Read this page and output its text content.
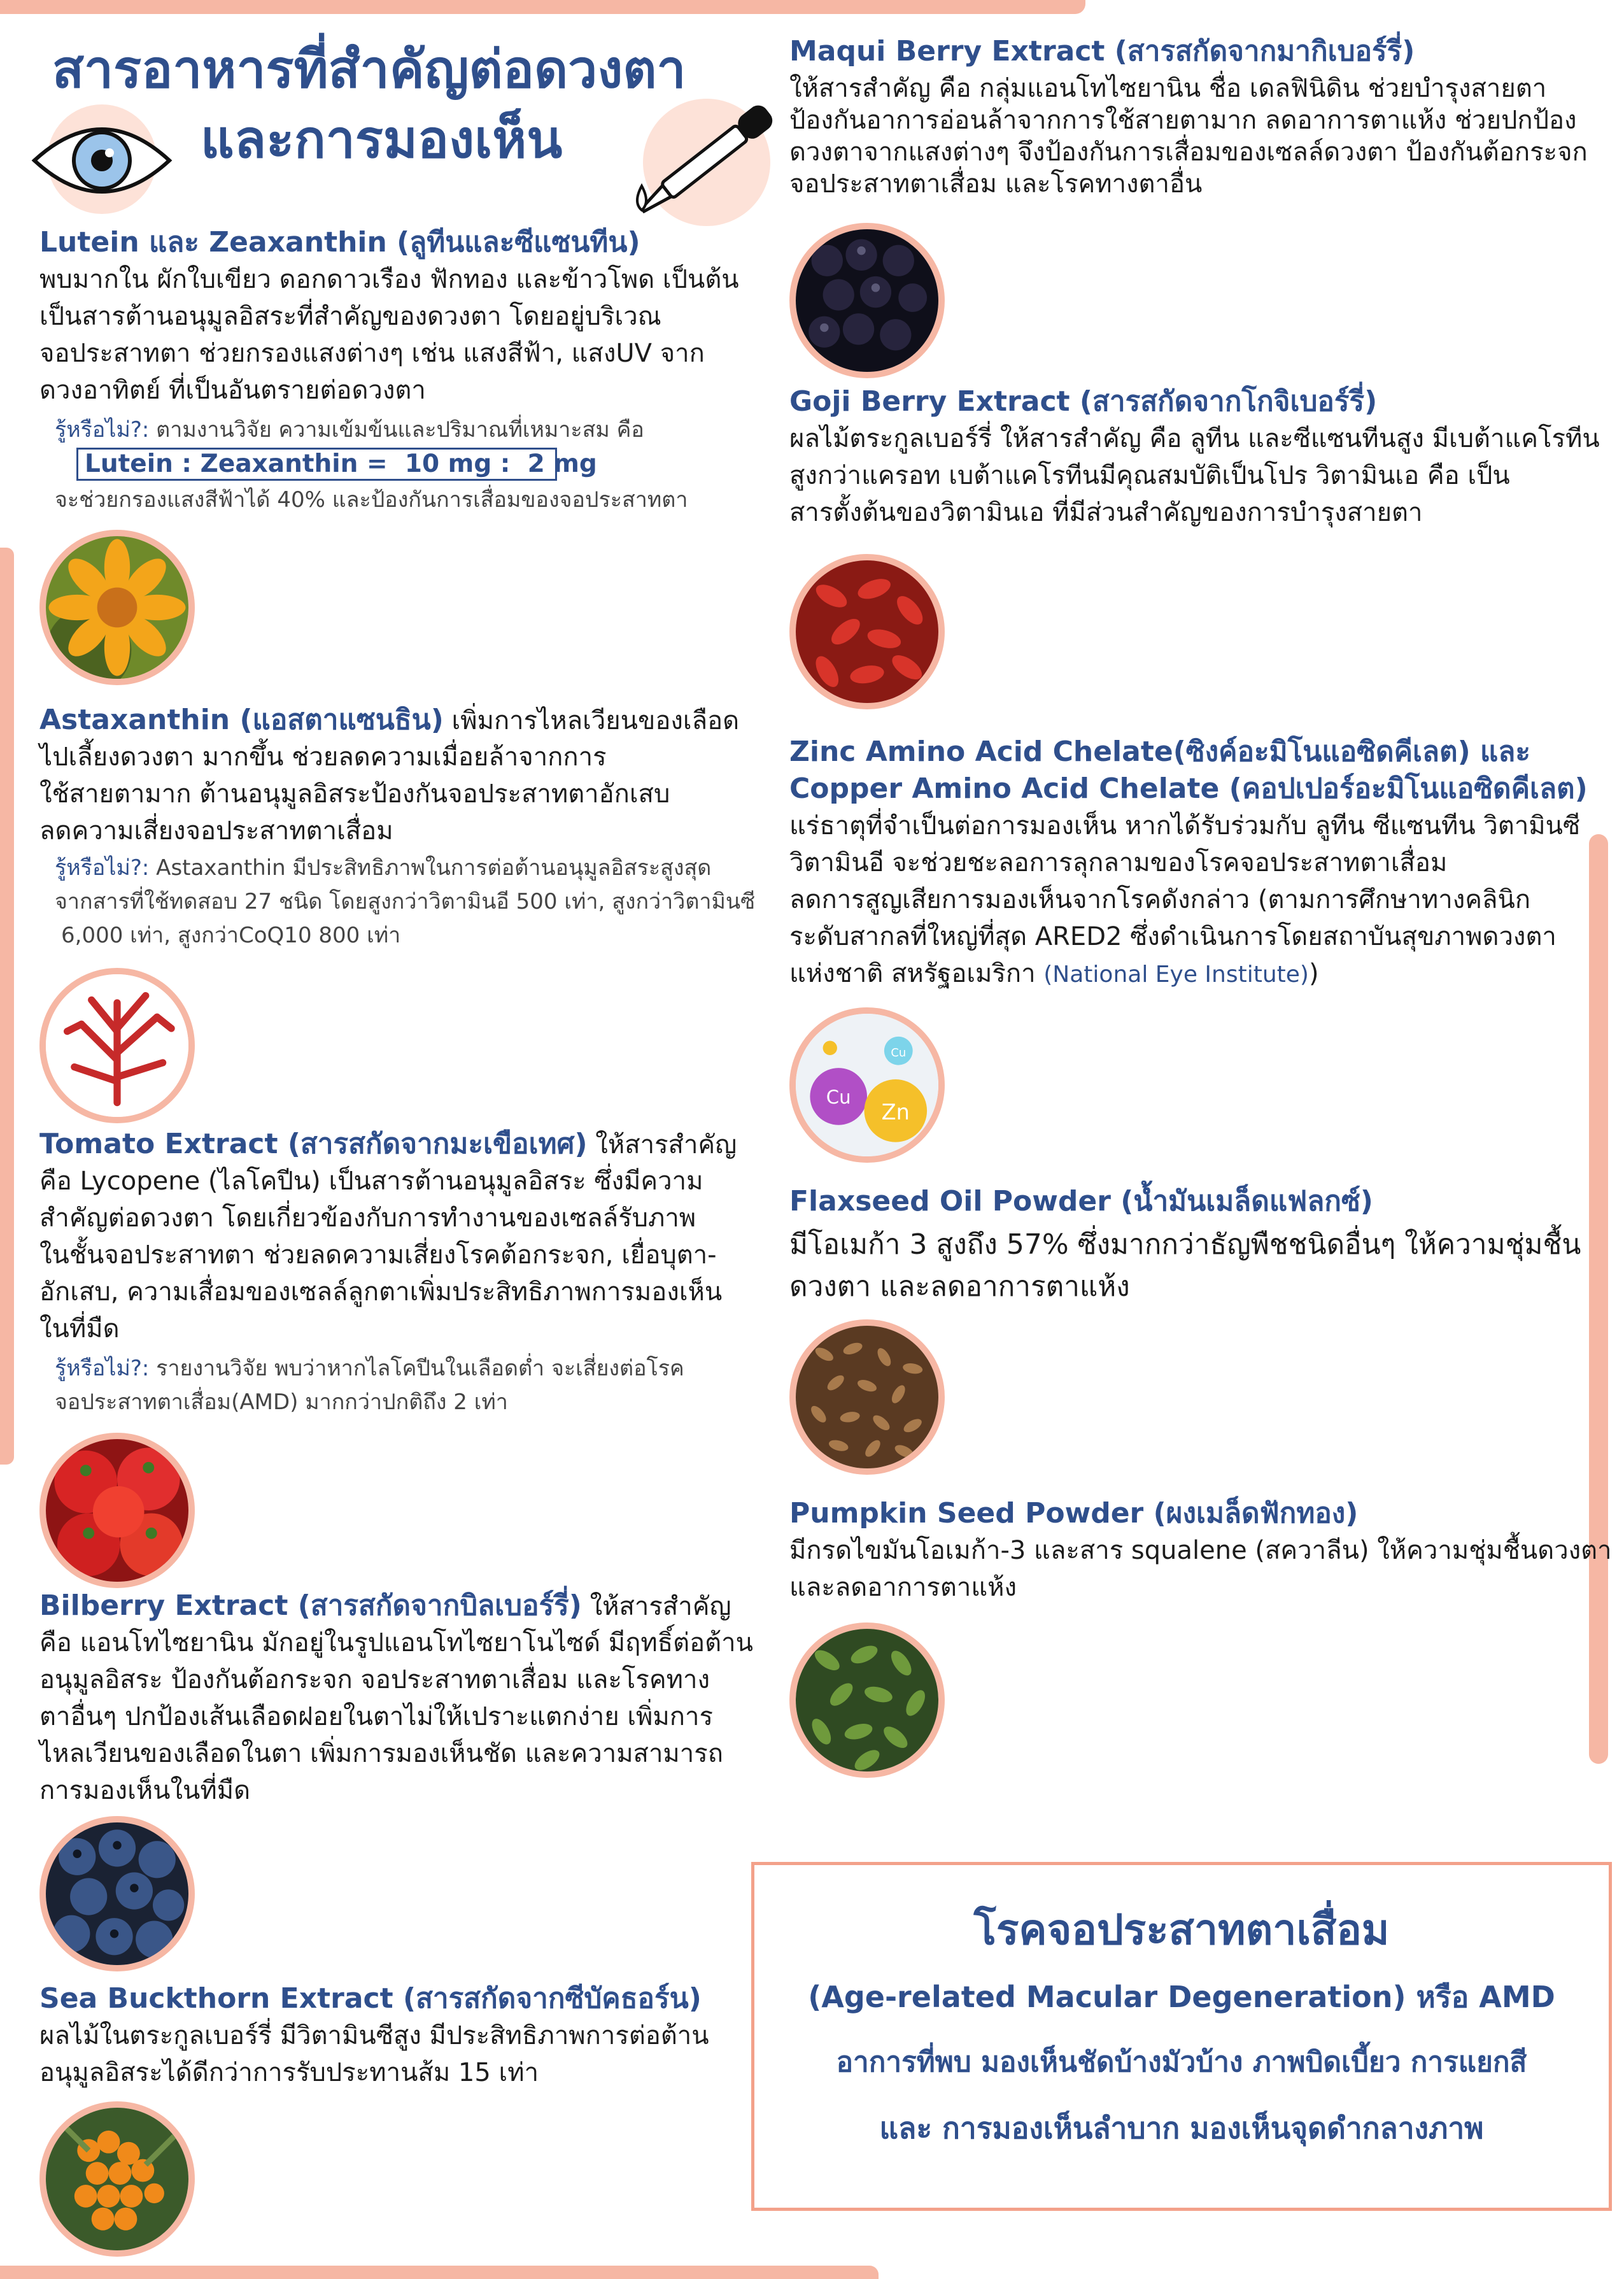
สารอาหารที่สำคัญต่อดวงตา
และการมองเห็น

Lutein และ Zeaxanthin (ลูทีนและซีแซนทีน)

พบมากใน ผักใบเขียว ดอกดาวเรือง ฟักทอง และข้าวโพด เป็นต้น

เป็นสารต้านอนุมูลอิสระที่สำคัญของดวงตา โดยอยู่บริเวณ

จอประสาทตา ช่วยกรองแสงต่างๆ เช่น แสงสีฟ้า, แสงUV จาก

ดวงอาทิตย์ ที่เป็นอันตรายต่อดวงตา

รู้หรือไม่?: ตามงานวิจัย ความเข้มข้นและปริมาณที่เหมาะสม คือ

Lutein : Zeaxanthin =  10 mg :  2 mg

จะช่วยกรองแสงสีฟ้าได้ 40% และป้องกันการเสื่อมของจอประสาทตา

Astaxanthin (แอสตาแซนธิน) เพิ่มการไหลเวียนของเลือด

ไปเลี้ยงดวงตา มากขึ้น ช่วยลดความเมื่อยล้าจากการ

ใช้สายตามาก ต้านอนุมูลอิสระป้องกันจอประสาทตาอักเสบ

ลดความเสี่ยงจอประสาทตาเสื่อม

รู้หรือไม่?: Astaxanthin มีประสิทธิภาพในการต่อต้านอนุมูลอิสระสูงสุด

จากสารที่ใช้ทดสอบ 27 ชนิด โดยสูงกว่าวิตามินอี 500 เท่า, สูงกว่าวิตามินซี

6,000 เท่า, สูงกว่าCoQ10 800 เท่า

Tomato Extract (สารสกัดจากมะเขือเทศ) ให้สารสำคัญ

คือ Lycopene (ไลโคปีน) เป็นสารต้านอนุมูลอิสระ ซึ่งมีความ

สำคัญต่อดวงตา โดยเกี่ยวข้องกับการทำงานของเซลล์รับภาพ

ในชั้นจอประสาทตา ช่วยลดความเสี่ยงโรคต้อกระจก, เยื่อบุตา-

อักเสบ, ความเสื่อมของเซลล์ลูกตาเพิ่มประสิทธิภาพการมองเห็น

ในที่มืด

รู้หรือไม่?: รายงานวิจัย พบว่าหากไลโคปีนในเลือดต่ำ จะเสี่ยงต่อโรค

จอประสาทตาเสื่อม(AMD) มากกว่าปกติถึง 2 เท่า

Bilberry Extract (สารสกัดจากบิลเบอร์รี่) ให้สารสำคัญ

คือ แอนโทไซยานิน มักอยู่ในรูปแอนโทไซยาโนไซด์ มีฤทธิ์ต่อต้าน

อนุมูลอิสระ ป้องกันต้อกระจก จอประสาทตาเสื่อม และโรคทาง

ตาอื่นๆ ปกป้องเส้นเลือดฝอยในตาไม่ให้เปราะแตกง่าย เพิ่มการ

ไหลเวียนของเลือดในตา เพิ่มการมองเห็นชัด และความสามารถ

การมองเห็นในที่มืด

Sea Buckthorn Extract (สารสกัดจากซีบัคธอร์น)

ผลไม้ในตระกูลเบอร์รี่ มีวิตามินซีสูง มีประสิทธิภาพการต่อต้าน

อนุมูลอิสระได้ดีกว่าการรับประทานส้ม 15 เท่า

Maqui Berry Extract (สารสกัดจากมากิเบอร์รี่)

ให้สารสำคัญ คือ กลุ่มแอนโทไซยานิน ชื่อ เดลฟินิดิน ช่วยบำรุงสายตา

ป้องกันอาการอ่อนล้าจากการใช้สายตามาก ลดอาการตาแห้ง ช่วยปกป้อง

ดวงตาจากแสงต่างๆ จึงป้องกันการเสื่อมของเซลล์ดวงตา ป้องกันต้อกระจก

จอประสาทตาเสื่อม และโรคทางตาอื่น

Goji Berry Extract (สารสกัดจากโกจิเบอร์รี่)

ผลไม้ตระกูลเบอร์รี่ ให้สารสำคัญ คือ ลูทีน และซีแซนทีนสูง มีเบต้าแคโรทีน

สูงกว่าแครอท เบต้าแคโรทีนมีคุณสมบัติเป็นโปร วิตามินเอ คือ เป็น

สารตั้งต้นของวิตามินเอ ที่มีส่วนสำคัญของการบำรุงสายตา

Zinc Amino Acid Chelate(ซิงค์อะมิโนแอซิดคีเลต) และ

Copper Amino Acid Chelate (คอปเปอร์อะมิโนแอซิดคีเลต)

แร่ธาตุที่จำเป็นต่อการมองเห็น หากได้รับร่วมกับ ลูทีน ซีแซนทีน วิตามินซี

วิตามินอี จะช่วยชะลอการลุกลามของโรคจอประสาทตาเสื่อม

ลดการสูญเสียการมองเห็นจากโรคดังกล่าว (ตามการศึกษาทางคลินิก

ระดับสากลที่ใหญ่ที่สุด ARED2 ซึ่งดำเนินการโดยสถาบันสุขภาพดวงตา

แห่งชาติ สหรัฐอเมริกา (National Eye Institute))

Cu
Zn
Cu

Flaxseed Oil Powder (น้ำมันเมล็ดแฟลกซ์)

มีโอเมก้า 3 สูงถึง 57% ซึ่งมากกว่าธัญพืชชนิดอื่นๆ ให้ความชุ่มชื้น

ดวงตา และลดอาการตาแห้ง

Pumpkin Seed Powder (ผงเมล็ดฟักทอง)

มีกรดไขมันโอเมก้า-3 และสาร squalene (สควาลีน) ให้ความชุ่มชื้นดวงตา

และลดอาการตาแห้ง

โรคจอประสาทตาเสื่อม

(Age-related Macular Degeneration) หรือ AMD

อาการที่พบ มองเห็นชัดบ้างมัวบ้าง ภาพบิดเบี้ยว การแยกสี

และ การมองเห็นลำบาก มองเห็นจุดดำกลางภาพ
